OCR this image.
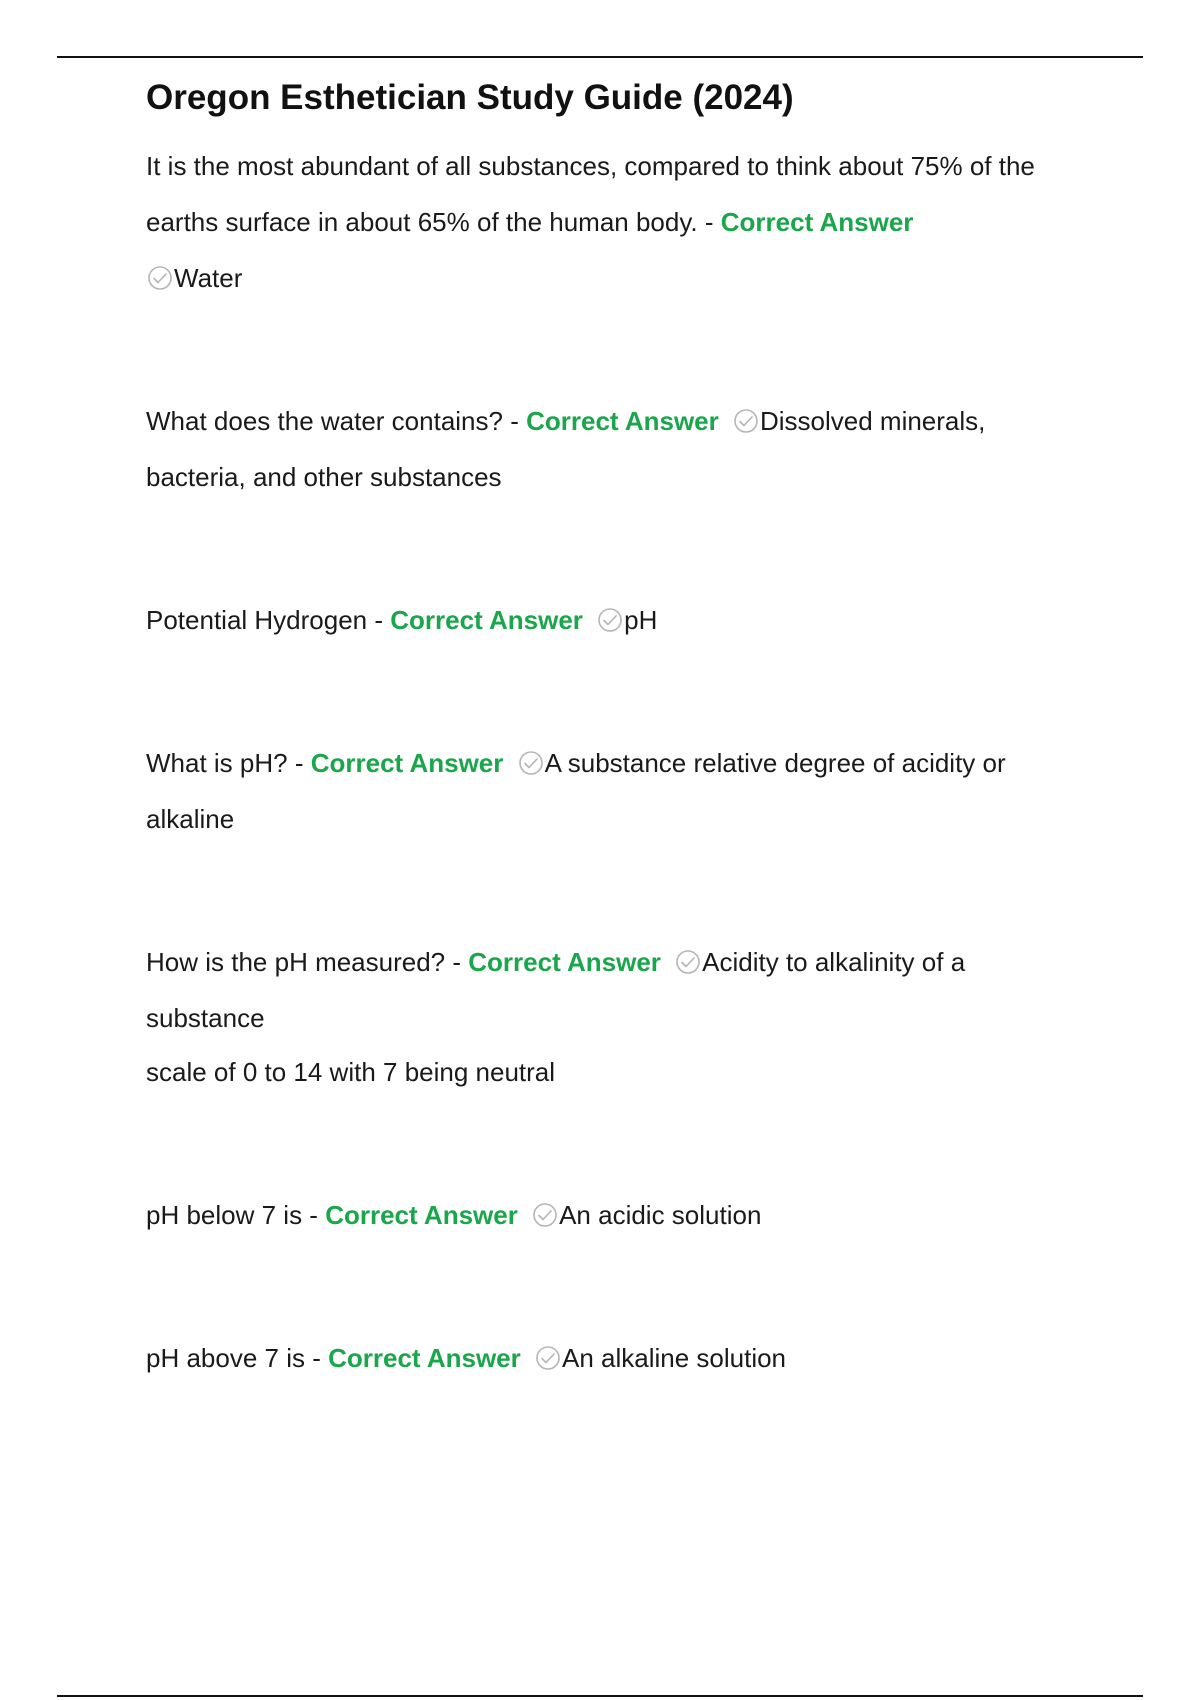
Oregon Esthetician Study Guide (2024)

It is the most abundant of all substances, compared to think about 75% of the earths surface in about 65% of the human body. - Correct Answer

Water

What does the water contains? - Correct Answer Dissolved minerals, bacteria, and other substances

Potential Hydrogen - Correct Answer pH

What is pH? - Correct Answer A substance relative degree of acidity or alkaline

How is the pH measured? - Correct Answer Acidity to alkalinity of a substance

scale of 0 to 14 with 7 being neutral

pH below 7 is - Correct Answer An acidic solution

pH above 7 is - Correct Answer An alkaline solution
